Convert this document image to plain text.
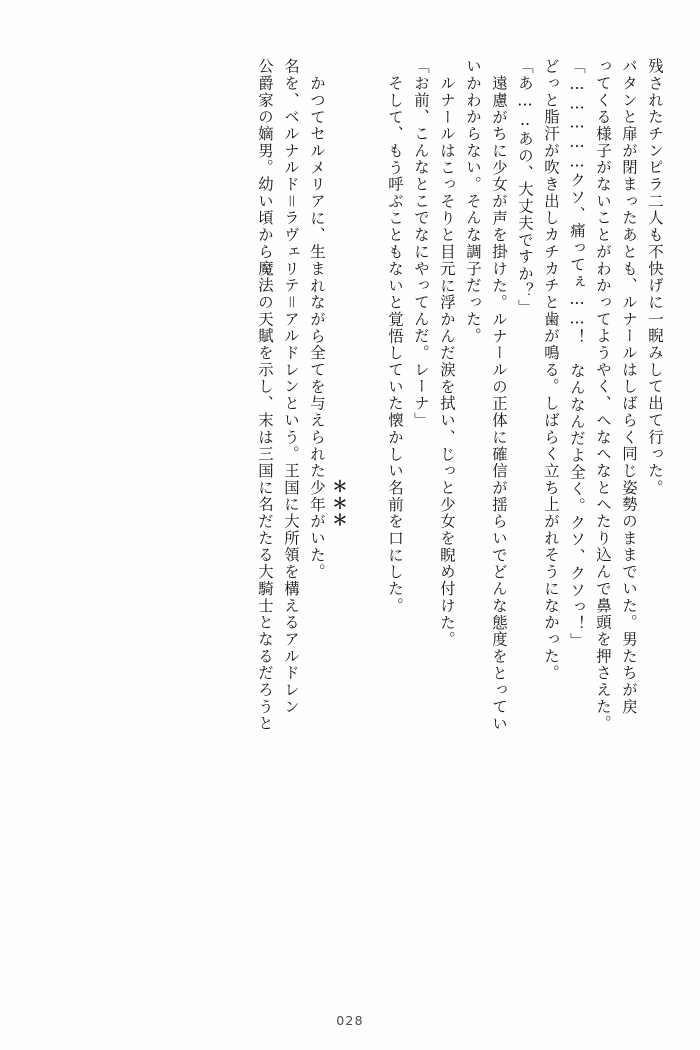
残されたチンピラ二人も不快げに一睨みして出て行った。
バタンと扉が閉まったあとも、ルナールはしばらく同じ姿勢のままでいた。男たちが戻
ってくる様子がないことがわかってようやく、へなへなとへたり込んで鼻頭を押さえた。
「……………クソ、痛ってぇ……！　なんなんだよ全く。クソ、クソっ！」
どっと脂汗が吹き出しカチカチと歯が鳴る。しばらく立ち上がれそうになかった。
「あ…‥あの、大丈夫ですか？」
遠慮がちに少女が声を掛けた。ルナールの正体に確信が揺らいでどんな態度をとってい
いかわからない。そんな調子だった。
ルナールはこっそりと目元に浮かんだ涙を拭い、じっと少女を睨め付けた。
「お前、こんなとこでなにやってんだ。レーナ」
そして、もう呼ぶこともないと覚悟していた懐かしい名前を口にした。
＊＊＊
かつてセルメリアに、生まれながら全てを与えられた少年がいた。
名を、ベルナルド＝ラヴェリテ＝アルドレンという。王国に大所領を構えるアルドレン
公爵家の嫡男。幼い頃から魔法の天賦を示し、末は三国に名だたる大騎士となるだろうと
028
